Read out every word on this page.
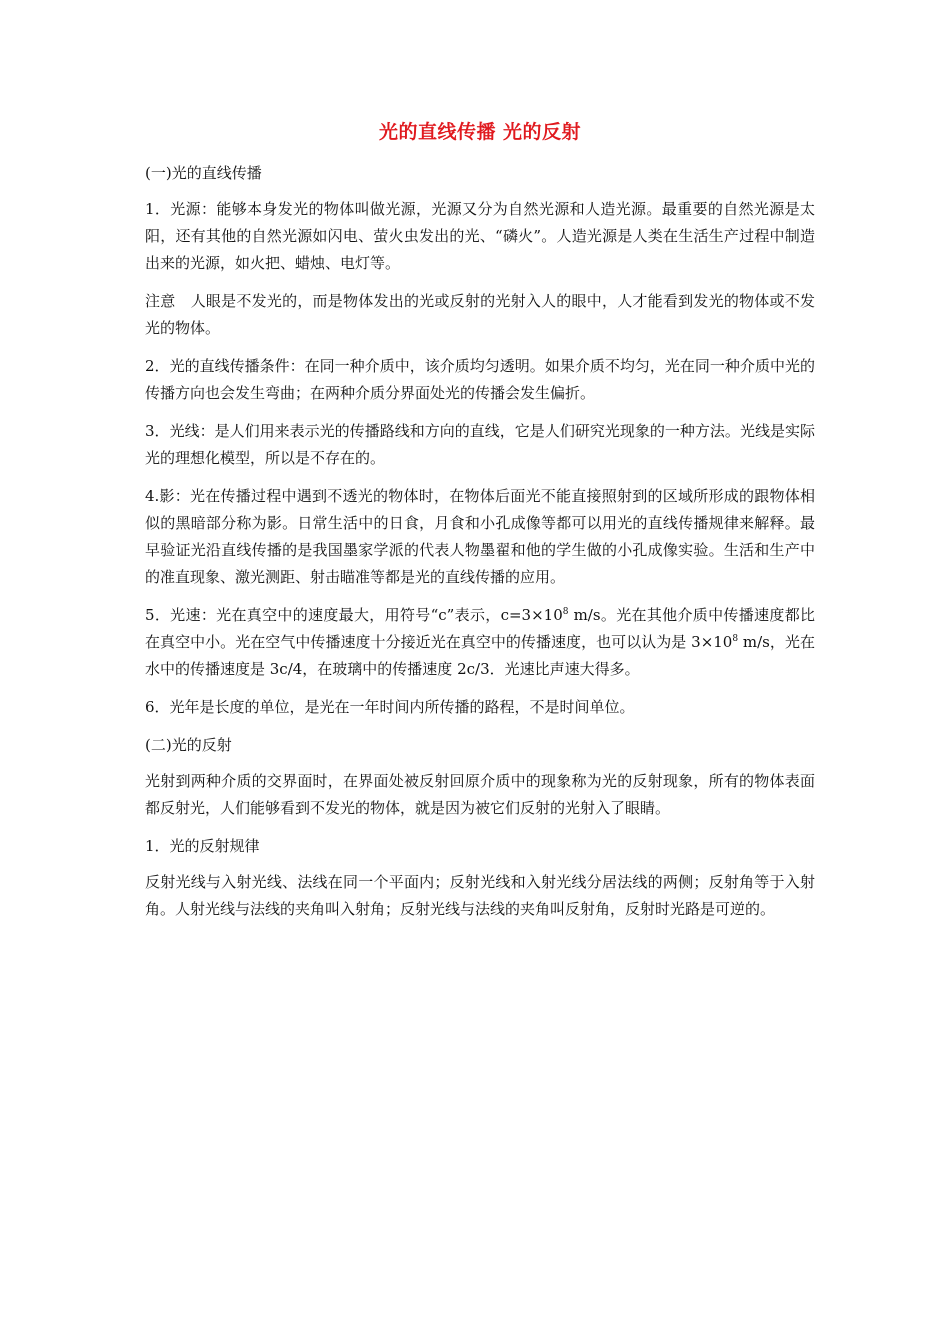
光的直线传播 光的反射
(一)光的直线传播
1．光源：能够本身发光的物体叫做光源，光源又分为自然光源和人造光源。最重要的自然光源是太阳，还有其他的自然光源如闪电、萤火虫发出的光、“磷火”。人造光源是人类在生活生产过程中制造出来的光源，如火把、蜡烛、电灯等。
注意　人眼是不发光的，而是物体发出的光或反射的光射入人的眼中，人才能看到发光的物体或不发光的物体。
2．光的直线传播条件：在同一种介质中，该介质均匀透明。如果介质不均匀，光在同一种介质中光的传播方向也会发生弯曲；在两种介质分界面处光的传播会发生偏折。
3．光线：是人们用来表示光的传播路线和方向的直线，它是人们研究光现象的一种方法。光线是实际光的理想化模型，所以是不存在的。
4.影：光在传播过程中遇到不透光的物体时，在物体后面光不能直接照射到的区域所形成的跟物体相似的黑暗部分称为影。日常生活中的日食，月食和小孔成像等都可以用光的直线传播规律来解释。最早验证光沿直线传播的是我国墨家学派的代表人物墨翟和他的学生做的小孔成像实验。生活和生产中的准直现象、激光测距、射击瞄准等都是光的直线传播的应用。
5．光速：光在真空中的速度最大，用符号“c”表示，$c=3\times 10^8$ m/s。光在其他介质中传播速度都比在真空中小。光在空气中传播速度十分接近光在真空中的传播速度，也可以认为是 $3\times 10^8$ m/s，光在水中的传播速度是 3c/4，在玻璃中的传播速度 2c/3．光速比声速大得多。
6．光年是长度的单位，是光在一年时间内所传播的路程，不是时间单位。
(二)光的反射
光射到两种介质的交界面时，在界面处被反射回原介质中的现象称为光的反射现象，所有的物体表面都反射光，人们能够看到不发光的物体，就是因为被它们反射的光射入了眼睛。
1．光的反射规律
反射光线与入射光线、法线在同一个平面内；反射光线和入射光线分居法线的两侧；反射角等于入射角。人射光线与法线的夹角叫入射角；反射光线与法线的夹角叫反射角，反射时光路是可逆的。
